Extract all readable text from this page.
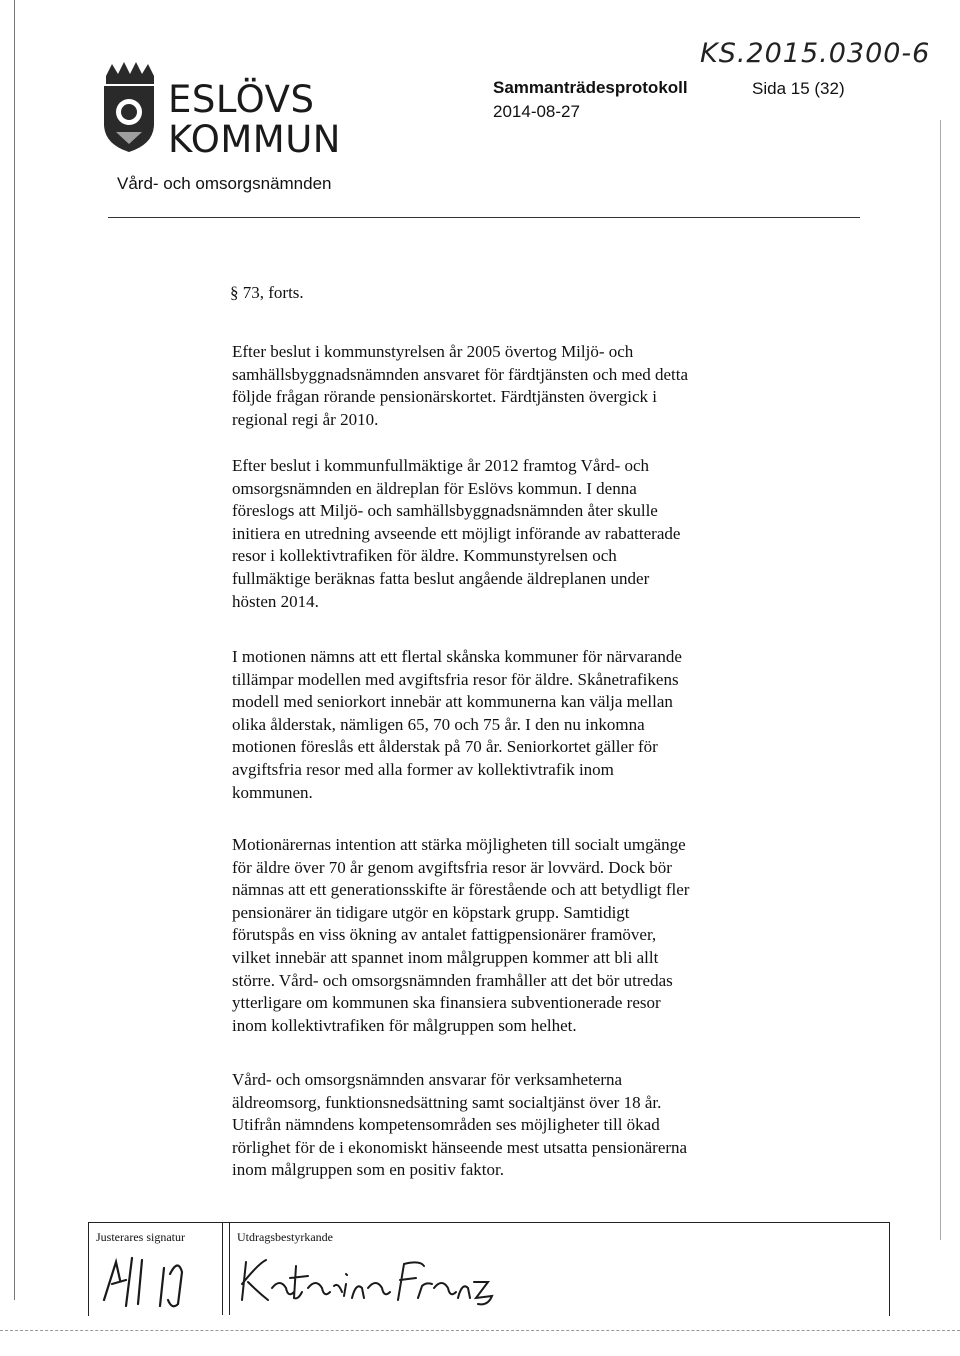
ESLÖVS
KOMMUN
KS.2015.0300-6
Sammanträdesprotokoll	Sida 15 (32)
2014-08-27
Vård- och omsorgsnämnden
§ 73, forts.

Efter beslut i kommunstyrelsen år 2005 övertog Miljö- och
samhällsbyggnadsnämnden ansvaret för färdtjänsten och med detta
följde frågan rörande pensionärskortet. Färdtjänsten övergick i
regional regi år 2010.

Efter beslut i kommunfullmäktige år 2012 framtog Vård- och
omsorgsnämnden en äldreplan för Eslövs kommun. I denna
föreslogs att Miljö- och samhällsbyggnadsnämnden åter skulle
initiera en utredning avseende ett möjligt införande av rabatterade
resor i kollektivtrafiken för äldre. Kommunstyrelsen och
fullmäktige beräknas fatta beslut angående äldreplanen under
hösten 2014.

I motionen nämns att ett flertal skånska kommuner för närvarande
tillämpar modellen med avgiftsfria resor för äldre. Skånetrafikens
modell med seniorkort innebär att kommunerna kan välja mellan
olika ålderstak, nämligen 65, 70 och 75 år. I den nu inkomna
motionen föreslås ett ålderstak på 70 år. Seniorkortet gäller för
avgiftsfria resor med alla former av kollektivtrafik inom
kommunen.

Motionärernas intention att stärka möjligheten till socialt umgänge
för äldre över 70 år genom avgiftsfria resor är lovvärd. Dock bör
nämnas att ett generationsskifte är förestående och att betydligt fler
pensionärer än tidigare utgör en köpstark grupp. Samtidigt
förutspås en viss ökning av antalet fattigpensionärer framöver,
vilket innebär att spannet inom målgruppen kommer att bli allt
större. Vård- och omsorgsnämnden framhåller att det bör utredas
ytterligare om kommunen ska finansiera subventionerade resor
inom kollektivtrafiken för målgruppen som helhet.

Vård- och omsorgsnämnden ansvarar för verksamheterna
äldreomsorg, funktionsnedsättning samt socialtjänst över 18 år.
Utifrån nämndens kompetensområden ses möjligheter till ökad
rörlighet för de i ekonomiskt hänseende mest utsatta pensionärerna
inom målgruppen som en positiv faktor.

Justerares signatur	Utdragsbestyrkande
